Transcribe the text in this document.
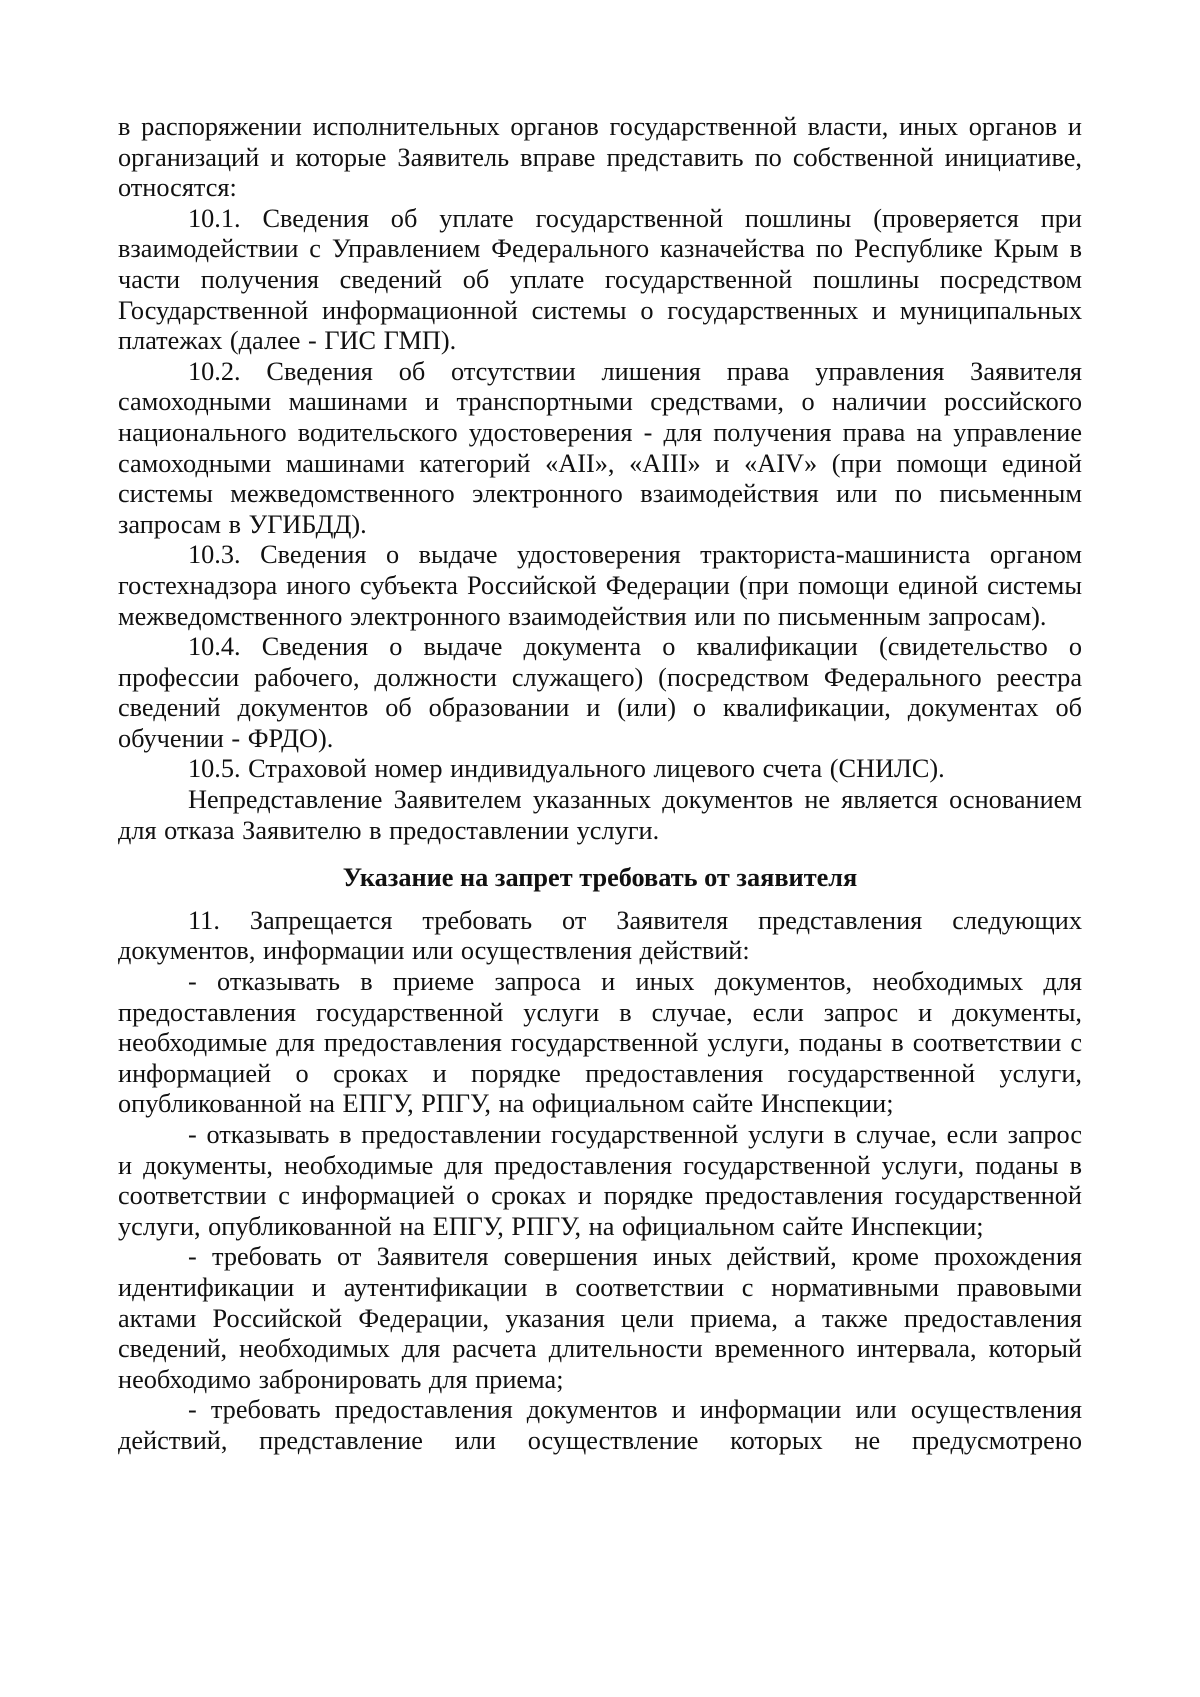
в распоряжении исполнительных органов государственной власти, иных органов и организаций и которые Заявитель вправе представить по собственной инициативе, относятся:

10.1. Сведения об уплате государственной пошлины (проверяется при взаимодействии с Управлением Федерального казначейства по Республике Крым в части получения сведений об уплате государственной пошлины посредством Государственной информационной системы о государственных и муниципальных платежах (далее - ГИС ГМП).

10.2. Сведения об отсутствии лишения права управления Заявителя самоходными машинами и транспортными средствами, о наличии российского национального водительского удостоверения - для получения права на управление самоходными машинами категорий «AII», «AIII» и «AIV» (при помощи единой системы межведомственного электронного взаимодействия или по письменным запросам в УГИБДД).

10.3. Сведения о выдаче удостоверения тракториста-машиниста органом гостехнадзора иного субъекта Российской Федерации (при помощи единой системы межведомственного электронного взаимодействия или по письменным запросам).

10.4. Сведения о выдаче документа о квалификации (свидетельство о профессии рабочего, должности служащего) (посредством Федерального реестра сведений документов об образовании и (или) о квалификации, документах об обучении - ФРДО).

10.5. Страховой номер индивидуального лицевого счета (СНИЛС).

Непредставление Заявителем указанных документов не является основанием для отказа Заявителю в предоставлении услуги.

Указание на запрет требовать от заявителя

11. Запрещается требовать от Заявителя представления следующих документов, информации или осуществления действий:

- отказывать в приеме запроса и иных документов, необходимых для предоставления государственной услуги в случае, если запрос и документы, необходимые для предоставления государственной услуги, поданы в соответствии с информацией о сроках и порядке предоставления государственной услуги, опубликованной на ЕПГУ, РПГУ, на официальном сайте Инспекции;

- отказывать в предоставлении государственной услуги в случае, если запрос и документы, необходимые для предоставления государственной услуги, поданы в соответствии с информацией о сроках и порядке предоставления государственной услуги, опубликованной на ЕПГУ, РПГУ, на официальном сайте Инспекции;

- требовать от Заявителя совершения иных действий, кроме прохождения идентификации и аутентификации в соответствии с нормативными правовыми актами Российской Федерации, указания цели приема, а также предоставления сведений, необходимых для расчета длительности временного интервала, который необходимо забронировать для приема;

- требовать предоставления документов и информации или осуществления действий, представление или осуществление которых не предусмотрено
